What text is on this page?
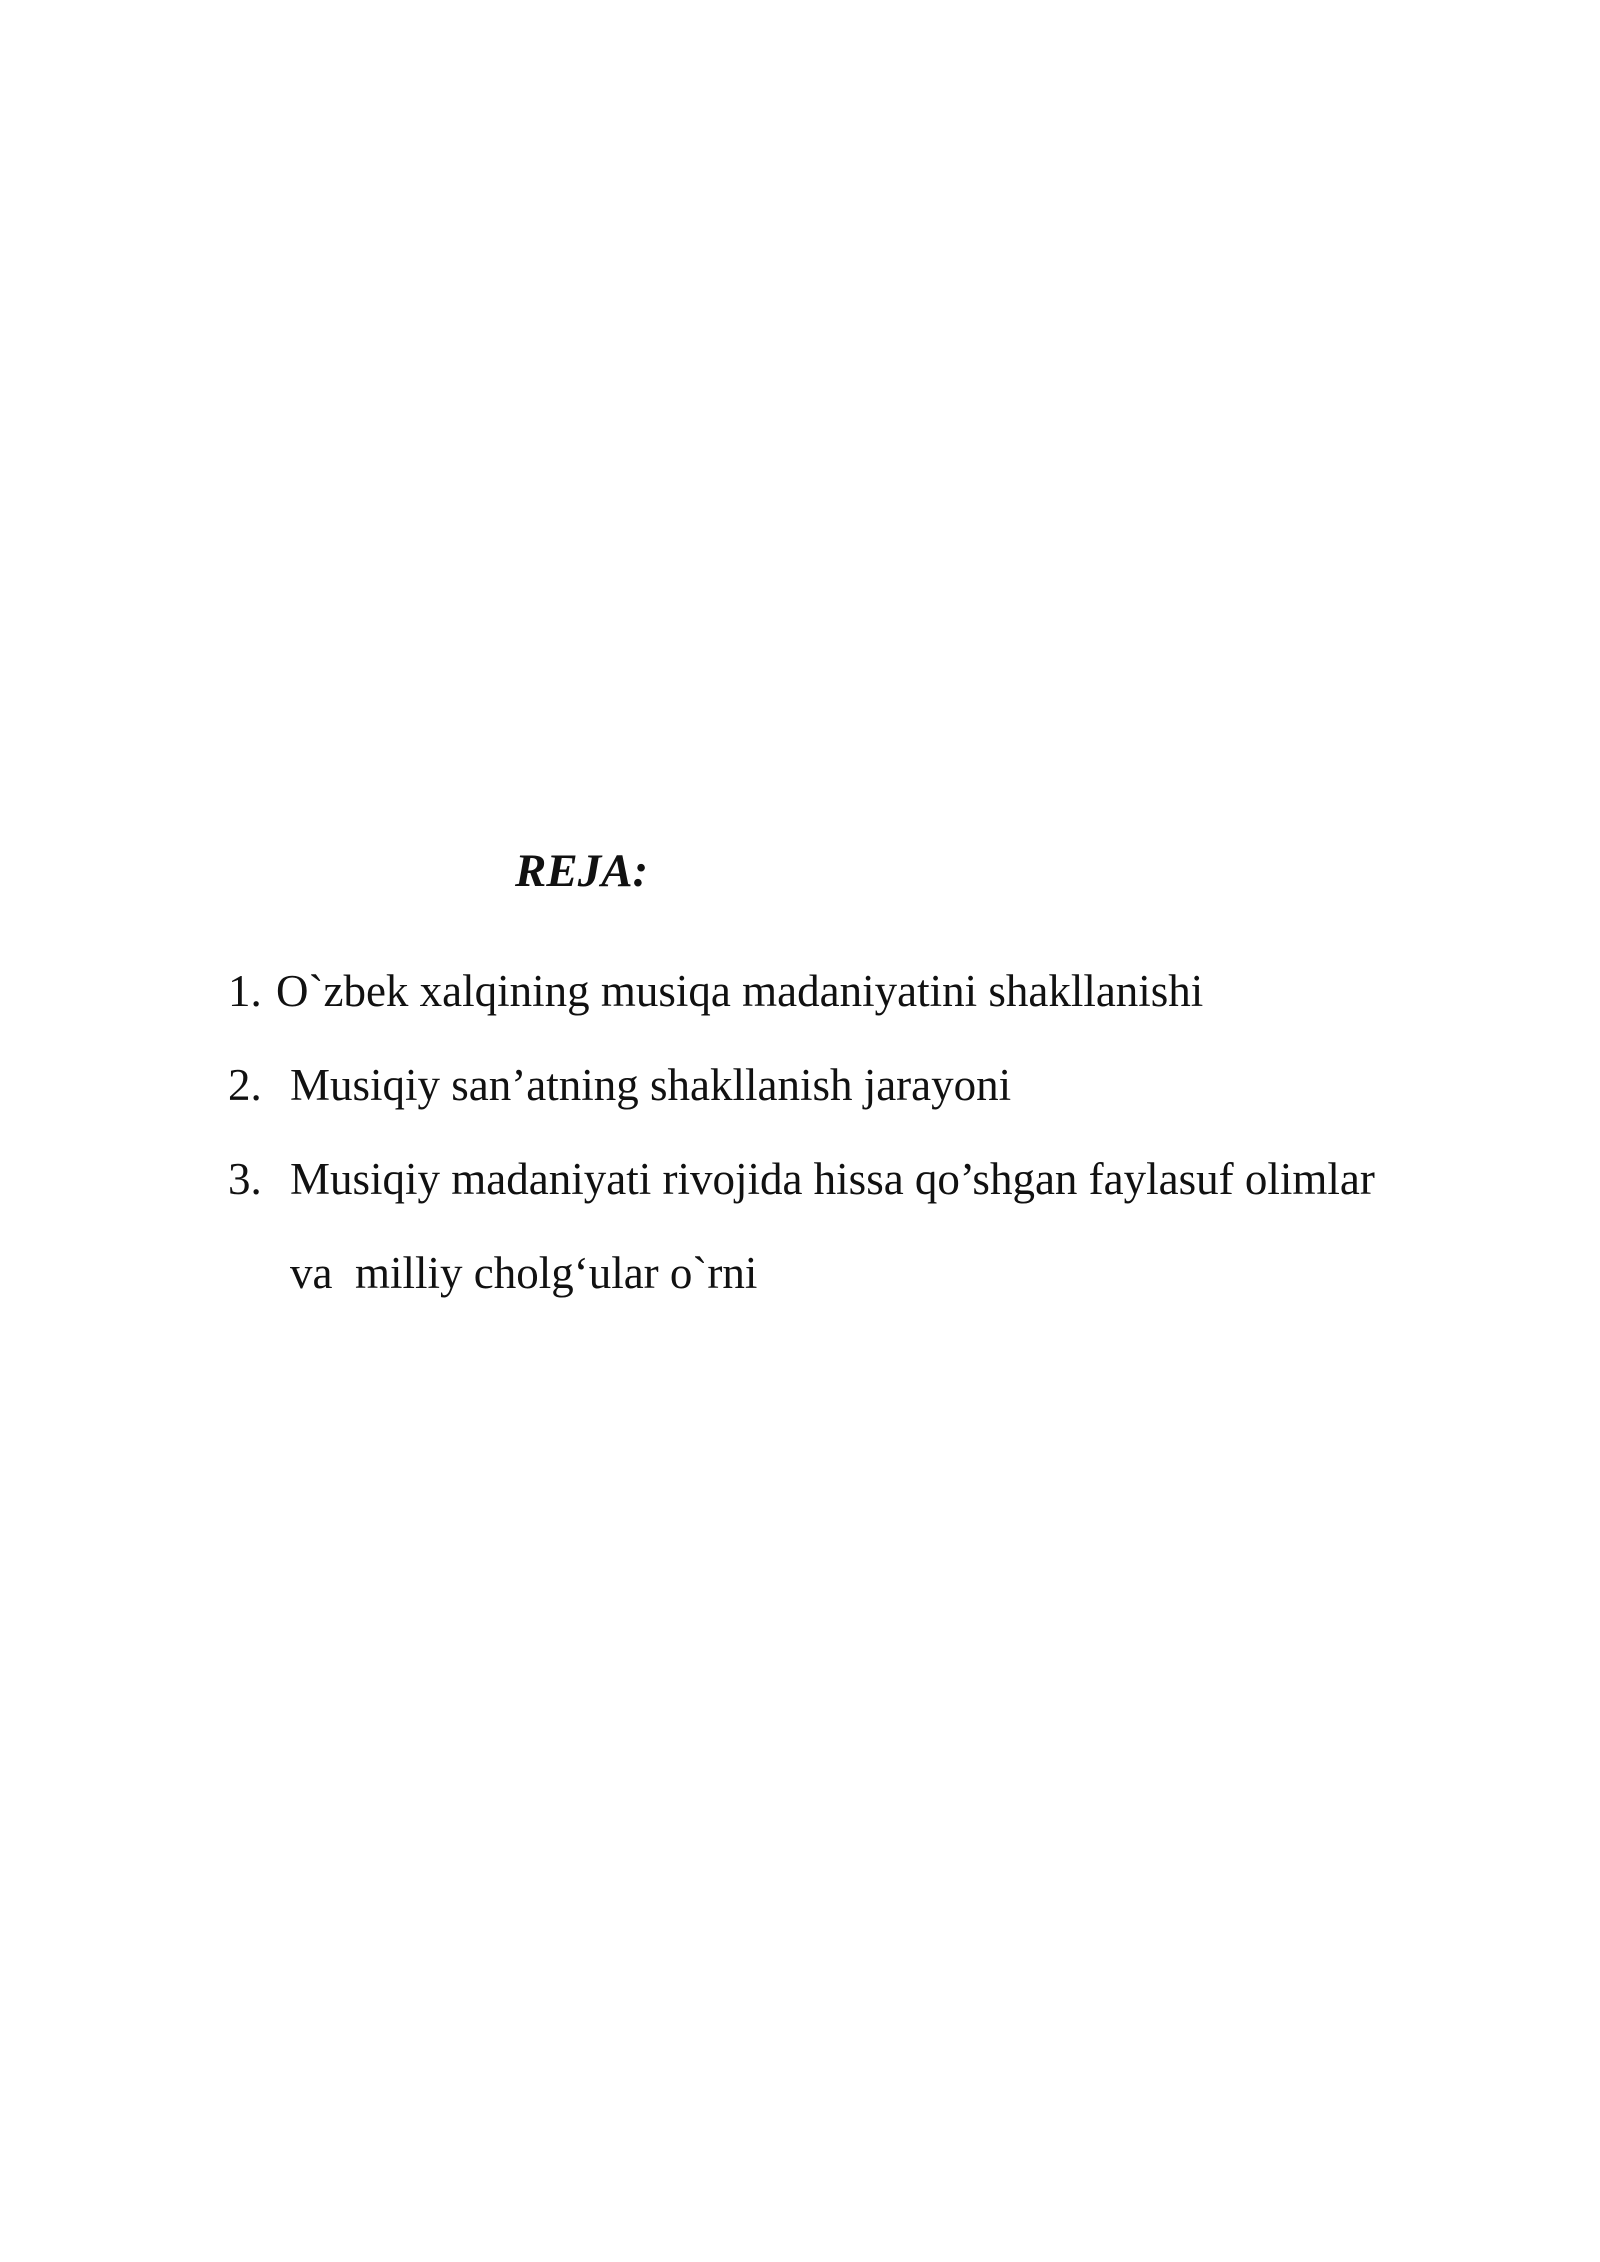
REJA:
1. O`zbek xalqining musiqa madaniyatini shakllanishi
2. Musiqiy san’atning shakllanish jarayoni
3. Musiqiy madaniyati rivojida hissa qo’shgan faylasuf olimlar
va  milliy cholg‘ular o`rni
